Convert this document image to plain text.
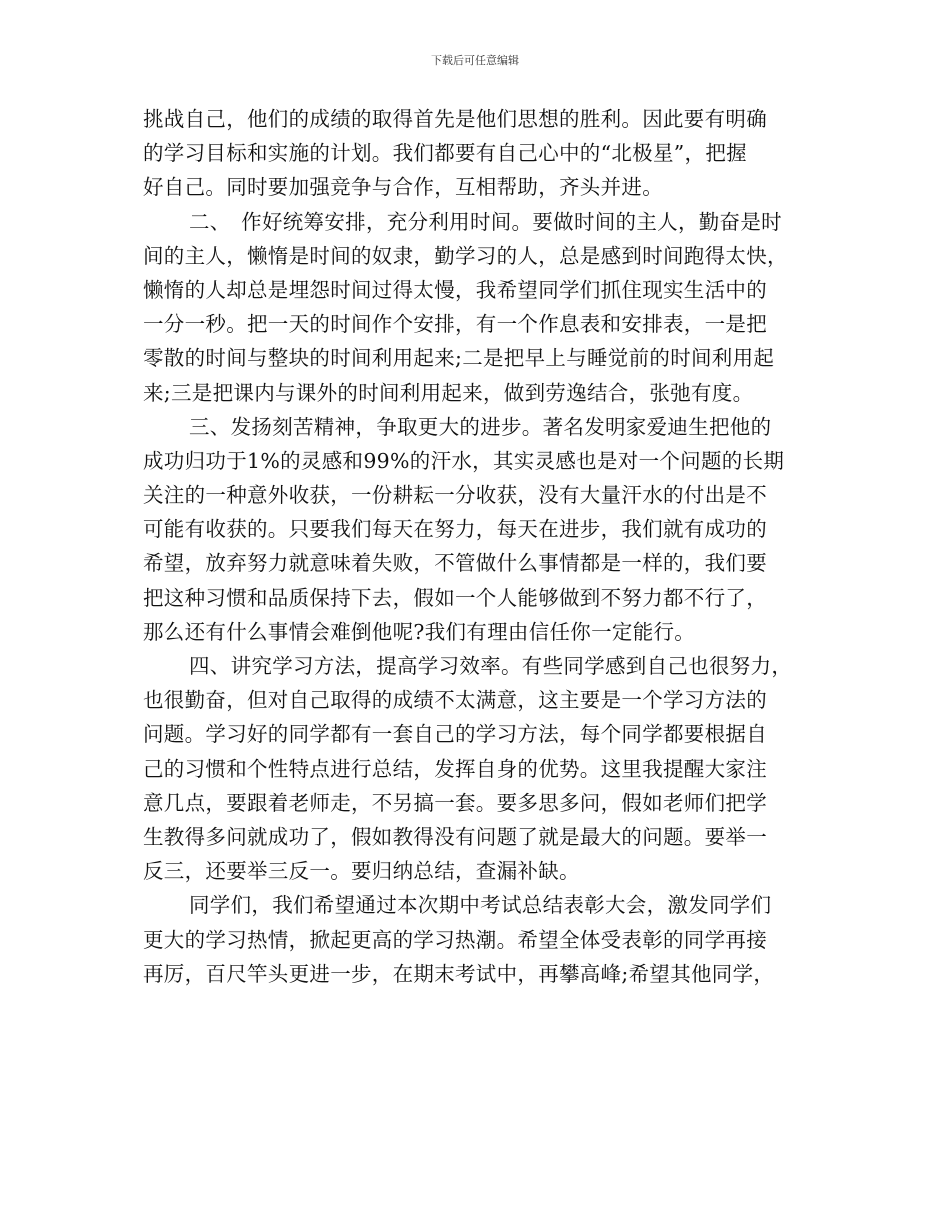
下载后可任意编辑
挑战自己，他们的成绩的取得首先是他们思想的胜利。因此要有明确
的学习目标和实施的计划。我们都要有自己心中的“北极星”，把握
好自己。同时要加强竞争与合作，互相帮助，齐头并进。
二、　作好统筹安排，充分利用时间。要做时间的主人，勤奋是时
间的主人，懒惰是时间的奴隶，勤学习的人，总是感到时间跑得太快，
懒惰的人却总是埋怨时间过得太慢，我希望同学们抓住现实生活中的
一分一秒。把一天的时间作个安排，有一个作息表和安排表，一是把
零散的时间与整块的时间利用起来;二是把早上与睡觉前的时间利用起
来;三是把课内与课外的时间利用起来，做到劳逸结合，张弛有度。
三、发扬刻苦精神，争取更大的进步。著名发明家爱迪生把他的
成功归功于1%的灵感和99%的汗水，其实灵感也是对一个问题的长期
关注的一种意外收获，一份耕耘一分收获，没有大量汗水的付出是不
可能有收获的。只要我们每天在努力，每天在进步，我们就有成功的
希望，放弃努力就意味着失败，不管做什么事情都是一样的，我们要
把这种习惯和品质保持下去，假如一个人能够做到不努力都不行了，
那么还有什么事情会难倒他呢?我们有理由信任你一定能行。
四、讲究学习方法，提高学习效率。有些同学感到自己也很努力，
也很勤奋，但对自己取得的成绩不太满意，这主要是一个学习方法的
问题。学习好的同学都有一套自己的学习方法，每个同学都要根据自
己的习惯和个性特点进行总结，发挥自身的优势。这里我提醒大家注
意几点，要跟着老师走，不另搞一套。要多思多问，假如老师们把学
生教得多问就成功了，假如教得没有问题了就是最大的问题。要举一
反三，还要举三反一。要归纳总结，查漏补缺。
同学们，我们希望通过本次期中考试总结表彰大会，激发同学们
更大的学习热情，掀起更高的学习热潮。希望全体受表彰的同学再接
再厉，百尺竿头更进一步，在期末考试中，再攀高峰;希望其他同学，
